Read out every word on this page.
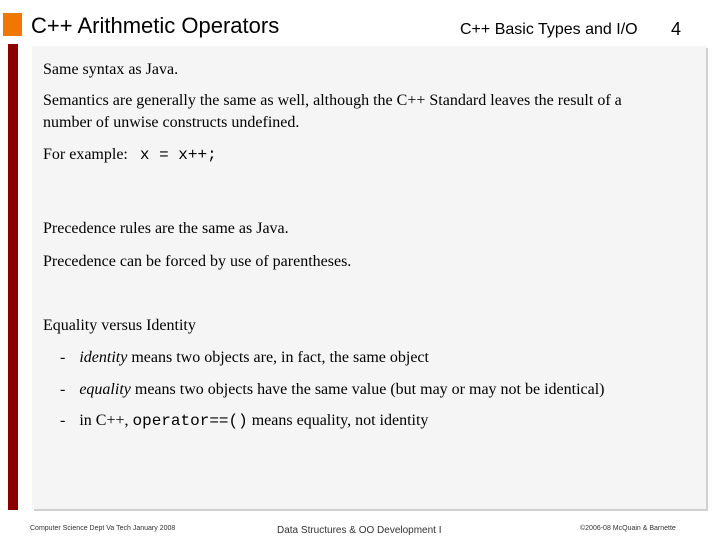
C++ Arithmetic Operators	C++ Basic Types and I/O 4
Same syntax as Java.
Semantics are generally the same as well, although the C++ Standard leaves the result of a
number of unwise constructs undefined.
For example: x = x++;
Precedence rules are the same as Java.
Precedence can be forced by use of parentheses.
Equality versus Identity
- identity means two objects are, in fact, the same object
- equality means two objects have the same value (but may or may not be identical)
- in C++, operator==() means equality, not identity
Computer Science Dept Va Tech January 2008	Data Structures & OO Development I	©2006-08 McQuain & Barnette
